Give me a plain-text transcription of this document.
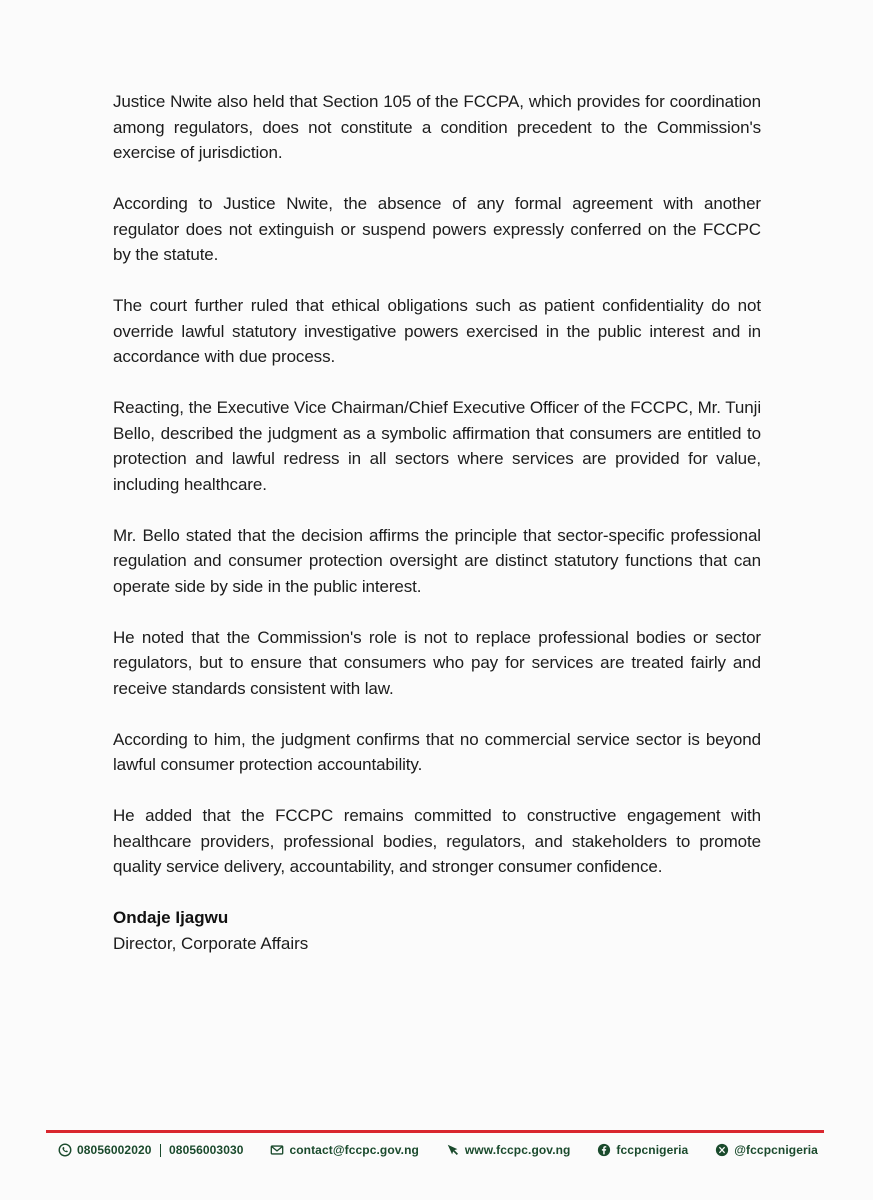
Justice Nwite also held that Section 105 of the FCCPA, which provides for coordination among regulators, does not constitute a condition precedent to the Commission's exercise of jurisdiction.

According to Justice Nwite, the absence of any formal agreement with another regulator does not extinguish or suspend powers expressly conferred on the FCCPC by the statute.

The court further ruled that ethical obligations such as patient confidentiality do not override lawful statutory investigative powers exercised in the public interest and in accordance with due process.

Reacting, the Executive Vice Chairman/Chief Executive Officer of the FCCPC, Mr. Tunji Bello, described the judgment as a symbolic affirmation that consumers are entitled to protection and lawful redress in all sectors where services are provided for value, including healthcare.

Mr. Bello stated that the decision affirms the principle that sector-specific professional regulation and consumer protection oversight are distinct statutory functions that can operate side by side in the public interest.

He noted that the Commission's role is not to replace professional bodies or sector regulators, but to ensure that consumers who pay for services are treated fairly and receive standards consistent with law.

According to him, the judgment confirms that no commercial service sector is beyond lawful consumer protection accountability.

He added that the FCCPC remains committed to constructive engagement with healthcare providers, professional bodies, regulators, and stakeholders to promote quality service delivery, accountability, and stronger consumer confidence.

Ondaje Ijagwu
Director, Corporate Affairs
08056002020 08056003030	contact@fccpc.gov.ng	www.fccpc.gov.ng	fccpcnigeria	@fccpcnigeria
